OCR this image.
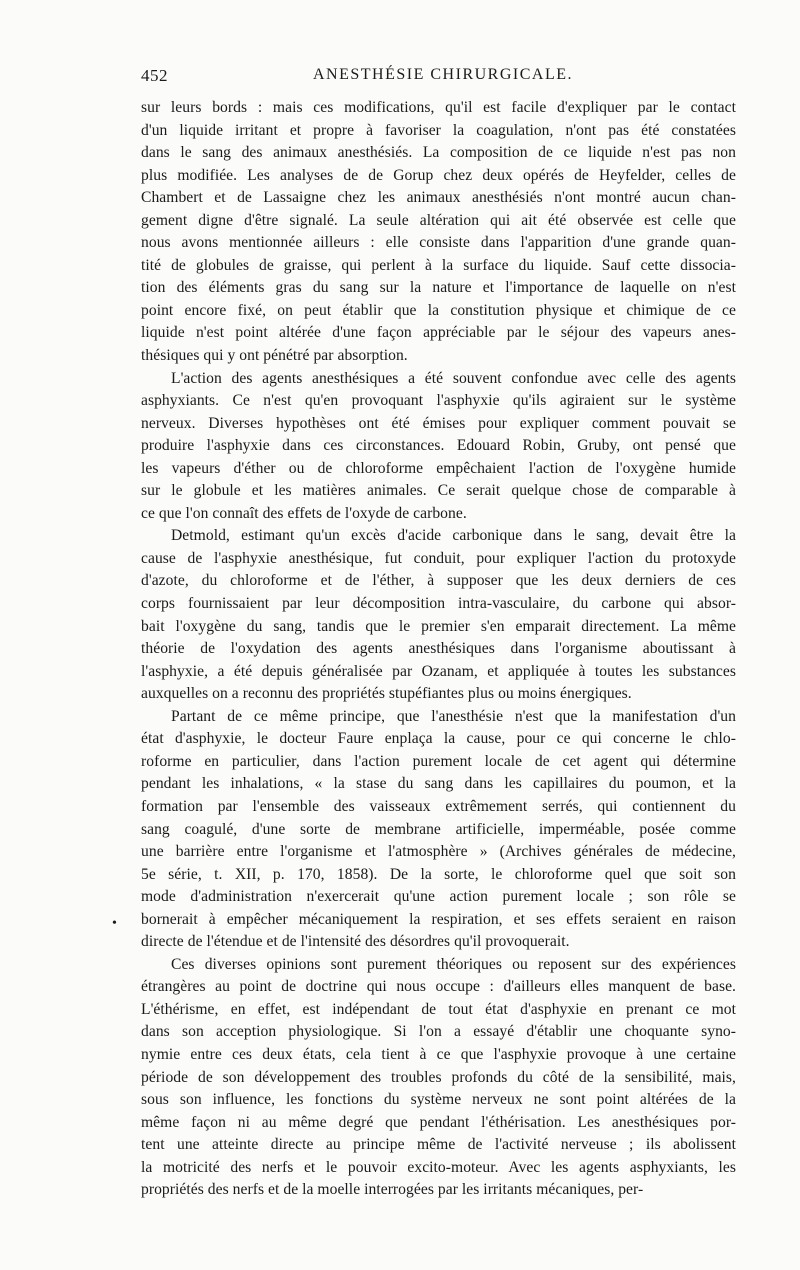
452	ANESTHÉSIE CHIRURGICALE.
sur leurs bords : mais ces modifications, qu'il est facile d'expliquer par le contact
d'un liquide irritant et propre à favoriser la coagulation, n'ont pas été constatées
dans le sang des animaux anesthésiés. La composition de ce liquide n'est pas non
plus modifiée. Les analyses de de Gorup chez deux opérés de Heyfelder, celles de
Chambert et de Lassaigne chez les animaux anesthésiés n'ont montré aucun chan-
gement digne d'être signalé. La seule altération qui ait été observée est celle que
nous avons mentionnée ailleurs : elle consiste dans l'apparition d'une grande quan-
tité de globules de graisse, qui perlent à la surface du liquide. Sauf cette dissocia-
tion des éléments gras du sang sur la nature et l'importance de laquelle on n'est
point encore fixé, on peut établir que la constitution physique et chimique de ce
liquide n'est point altérée d'une façon appréciable par le séjour des vapeurs anes-
thésiques qui y ont pénétré par absorption.
L'action des agents anesthésiques a été souvent confondue avec celle des agents
asphyxiants. Ce n'est qu'en provoquant l'asphyxie qu'ils agiraient sur le système
nerveux. Diverses hypothèses ont été émises pour expliquer comment pouvait se
produire l'asphyxie dans ces circonstances. Edouard Robin, Gruby, ont pensé que
les vapeurs d'éther ou de chloroforme empêchaient l'action de l'oxygène humide
sur le globule et les matières animales. Ce serait quelque chose de comparable à
ce que l'on connaît des effets de l'oxyde de carbone.
Detmold, estimant qu'un excès d'acide carbonique dans le sang, devait être la
cause de l'asphyxie anesthésique, fut conduit, pour expliquer l'action du protoxyde
d'azote, du chloroforme et de l'éther, à supposer que les deux derniers de ces
corps fournissaient par leur décomposition intra-vasculaire, du carbone qui absor-
bait l'oxygène du sang, tandis que le premier s'en emparait directement. La même
théorie de l'oxydation des agents anesthésiques dans l'organisme aboutissant à
l'asphyxie, a été depuis généralisée par Ozanam, et appliquée à toutes les substances
auxquelles on a reconnu des propriétés stupéfiantes plus ou moins énergiques.
Partant de ce même principe, que l'anesthésie n'est que la manifestation d'un
état d'asphyxie, le docteur Faure enplaça la cause, pour ce qui concerne le chlo-
roforme en particulier, dans l'action purement locale de cet agent qui détermine
pendant les inhalations, « la stase du sang dans les capillaires du poumon, et la
formation par l'ensemble des vaisseaux extrêmement serrés, qui contiennent du
sang coagulé, d'une sorte de membrane artificielle, imperméable, posée comme
une barrière entre l'organisme et l'atmosphère » (Archives générales de médecine,
5e série, t. XII, p. 170, 1858). De la sorte, le chloroforme quel que soit son
mode d'administration n'exercerait qu'une action purement locale ; son rôle se
bornerait à empêcher mécaniquement la respiration, et ses effets seraient en raison
directe de l'étendue et de l'intensité des désordres qu'il provoquerait.
Ces diverses opinions sont purement théoriques ou reposent sur des expériences
étrangères au point de doctrine qui nous occupe : d'ailleurs elles manquent de base.
L'éthérisme, en effet, est indépendant de tout état d'asphyxie en prenant ce mot
dans son acception physiologique. Si l'on a essayé d'établir une choquante syno-
nymie entre ces deux états, cela tient à ce que l'asphyxie provoque à une certaine
période de son développement des troubles profonds du côté de la sensibilité, mais,
sous son influence, les fonctions du système nerveux ne sont point altérées de la
même façon ni au même degré que pendant l'éthérisation. Les anesthésiques por-
tent une atteinte directe au principe même de l'activité nerveuse ; ils abolissent
la motricité des nerfs et le pouvoir excito-moteur. Avec les agents asphyxiants, les
propriétés des nerfs et de la moelle interrogées par les irritants mécaniques, per-
•
